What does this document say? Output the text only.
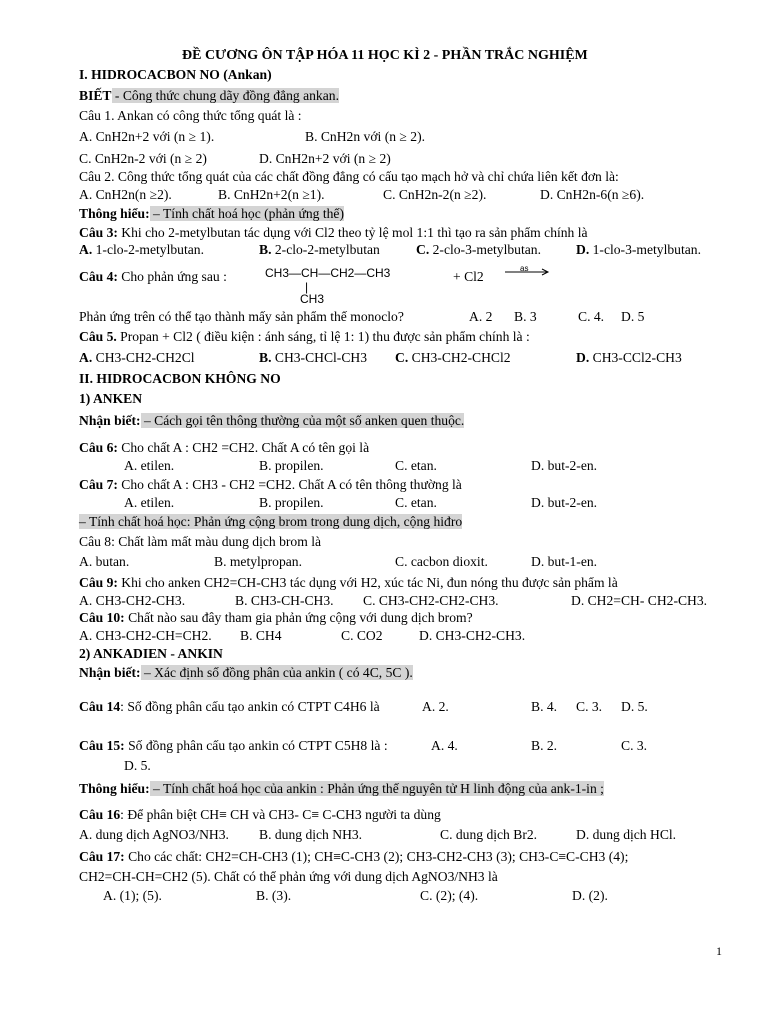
ĐỀ CƯƠNG ÔN TẬP HÓA 11 HỌC KÌ 2 - PHẦN TRẮC NGHIỆM
I. HIDROCACBON NO (Ankan)
BIẾT - Công thức chung dãy đồng đẳng ankan.
Câu 1. Ankan có công thức tổng quát là :
A. CnH2n+2 với (n ≥ 1).	B. CnH2n với (n ≥ 2).
C. CnH2n-2 với (n ≥ 2)	D. CnH2n+2 với (n ≥ 2)
Câu 2. Công thức tổng quát của các chất đồng đẳng có cấu tạo mạch hở và chỉ chứa liên kết đơn là:
A. CnH2n(n ≥2).	B. CnH2n+2(n ≥1).	C. CnH2n-2(n ≥2).	D. CnH2n-6(n ≥6).
Thông hiểu: – Tính chất hoá học (phản ứng thế)
Câu 3: Khi cho 2-metylbutan tác dụng với Cl2 theo tỷ lệ mol 1:1 thì tạo ra sản phẩm chính là
A. 1-clo-2-metylbutan.	B. 2-clo-2-metylbutan	C. 2-clo-3-metylbutan.	D. 1-clo-3-metylbutan.
Câu 4: Cho phản ứng sau :	CH3—CH—CH2—CH3
|
CH3
+ Cl2
as
Phản ứng trên có thể tạo thành mấy sản phẩm thế monoclo?	A. 2 B. 3	C. 4. D. 5
Câu 5. Propan + Cl2 ( điều kiện : ánh sáng, tỉ lệ 1: 1) thu được sản phẩm chính là :
A. CH3-CH2-CH2Cl	B. CH3-CHCl-CH3 C. CH3-CH2-CHCl2	D. CH3-CCl2-CH3
II. HIDROCACBON KHÔNG NO
1) ANKEN
Nhận biết: – Cách gọi tên thông thường của một số anken quen thuộc.
Câu 6: Cho chất A : CH2 =CH2. Chất A có tên gọi là
A. etilen.	B. propilen.	C. etan.	D. but-2-en.
Câu 7: Cho chất A : CH3 - CH2 =CH2. Chất A có tên thông thường là
A. etilen.	B. propilen.	C. etan.	D. but-2-en.
– Tính chất hoá học: Phản ứng cộng brom trong dung dịch, cộng hiđro
Câu 8: Chất làm mất màu dung dịch brom là
A. butan.	B. metylpropan.	C. cacbon dioxit.	D. but-1-en.
Câu 9: Khi cho anken CH2=CH-CH3 tác dụng với H2, xúc tác Ni, đun nóng thu được sản phẩm là
A. CH3-CH2-CH3.	B. CH3-CH-CH3. C. CH3-CH2-CH2-CH3.	D. CH2=CH- CH2-CH3.
Câu 10: Chất nào sau đây tham gia phản ứng cộng với dung dịch brom?
A. CH3-CH2-CH=CH2. B. CH4	C. CO2	D. CH3-CH2-CH3.
2) ANKADIEN - ANKIN
Nhận biết: – Xác định số đồng phân của ankin ( có 4C, 5C ).
Câu 14: Số đồng phân cấu tạo ankin có CTPT C4H6 là	A. 2.	B. 4. C. 3. D. 5.
Câu 15: Số đồng phân cấu tạo ankin có CTPT C5H8 là :	A. 4.	B. 2.	C. 3.
D. 5.
Thông hiểu: – Tính chất hoá học của ankin : Phản ứng thế nguyên tử H linh động của ank-1-in ;
Câu 16: Để phân biệt CH≡ CH và CH3- C≡ C-CH3 người ta dùng
A. dung dịch AgNO3/NH3. B. dung dịch NH3.	C. dung dịch Br2.	D. dung dịch HCl.
Câu 17: Cho các chất: CH2=CH-CH3 (1); CH≡C-CH3 (2); CH3-CH2-CH3 (3); CH3-C≡C-CH3 (4);
CH2=CH-CH=CH2 (5). Chất có thể phản ứng với dung dịch AgNO3/NH3 là
A. (1); (5).	B. (3).	C. (2); (4).	D. (2).
1
